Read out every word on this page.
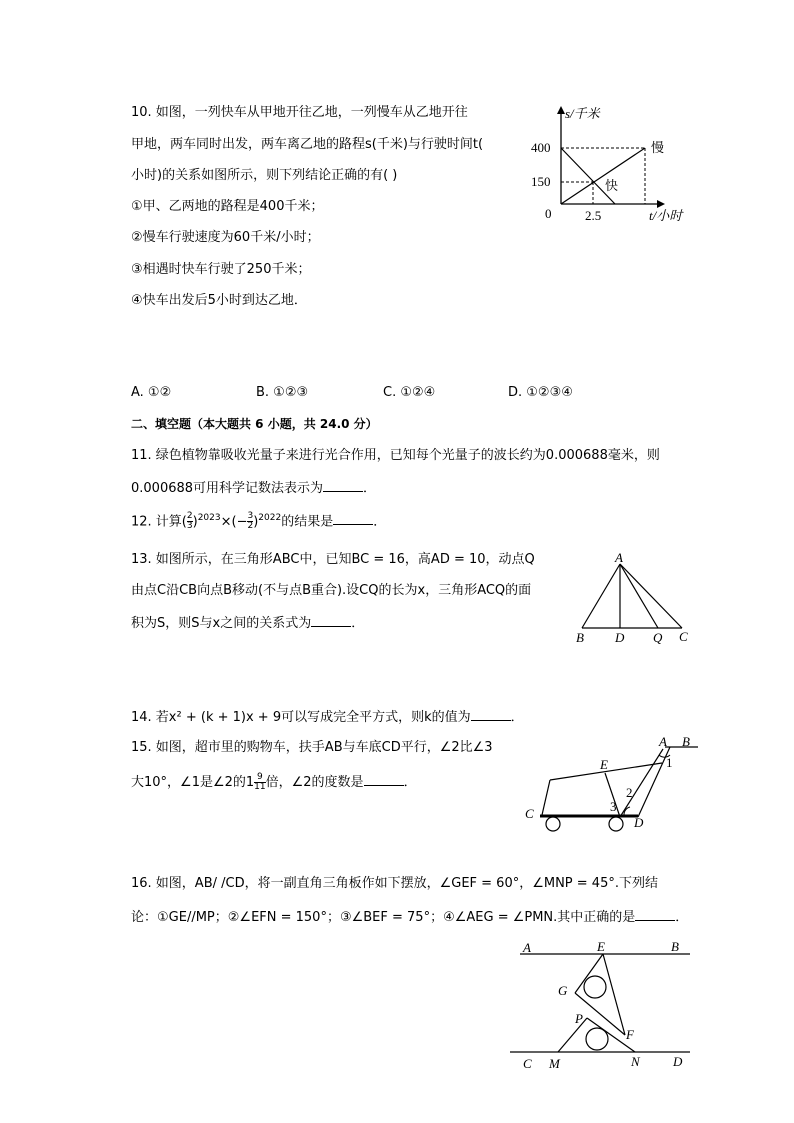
10. 如图，一列快车从甲地开往乙地，一列慢车从乙地开往
甲地，两车同时出发，两车离乙地的路程s(千米)与行驶时间t(
小时)的关系如图所示，则下列结论正确的有( )
①甲、乙两地的路程是400千米；
②慢车行驶速度为60千米/小时；
③相遇时快车行驶了250千米；
④快车出发后5小时到达乙地．
A. ①②	B. ①②③	C. ①②④	D. ①②③④
s/千米
t/小时
400
150
0	2.5
慢
快
二、填空题（本大题共 6 小题，共 24.0 分）
11. 绿色植物靠吸收光量子来进行光合作用，已知每个光量子的波长约为0.000688毫米，则
0.000688可用科学记数法表示为	．
12. 计算( $\frac{2}{3} )^{2023}\times(- \frac{3}{2} )^{2022}$的结果是	．
13. 如图所示，在三角形ABC中，已知BC = 16，高AD = 10，动点Q
由点C沿CB向点B移动(不与点B重合).设CQ的长为x，三角形ACQ的面
积为S，则S与x之间的关系式为	．
A
B D Q C
14. 若x² + (k + 1)x + 9可以写成完全平方式，则k的值为	．
15. 如图，超市里的购物车，扶手AB与车底CD平行，∠2比∠3
大10°，∠1是∠2的$1 \frac{9}{11}$ 倍，∠2的度数是	．
A B
E
C
D
1
2
3
16. 如图，AB/ /CD，将一副直角三角板作如下摆放，∠GEF = 60°，∠MNP = 45°.下列结
论：①GE//MP；②∠EFN = 150°；③∠BEF = 75°；④∠AEG = ∠PMN.其中正确的是	．
A	E	B
G
P
F
C M	N	D
